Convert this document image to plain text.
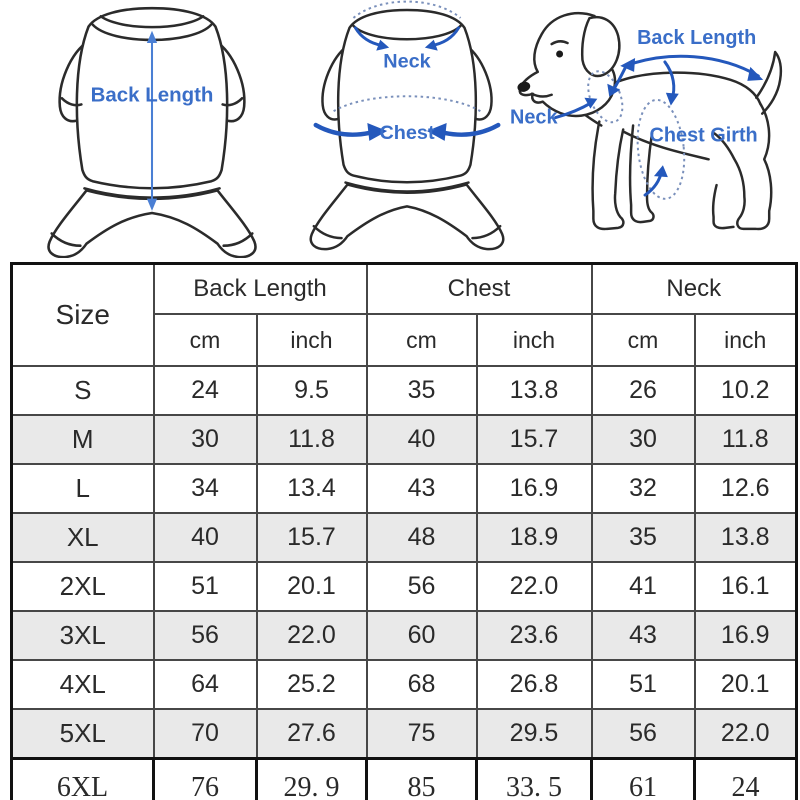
Back Length
Neck
Chest
Back Length
Neck
Chest Girth
Size	Back Length		Chest		Neck	
	cm	inch	cm	inch	cm	inch
S	24	9.5	35	13.8	26	10.2
M	30	11.8	40	15.7	30	11.8
L	34	13.4	43	16.9	32	12.6
XL	40	15.7	48	18.9	35	13.8
2XL	51	20.1	56	22.0	41	16.1
3XL	56	22.0	60	23.6	43	16.9
4XL	64	25.2	68	26.8	51	20.1
5XL	70	27.6	75	29.5	56	22.0
6XL	76	29. 9	85	33. 5	61	24
